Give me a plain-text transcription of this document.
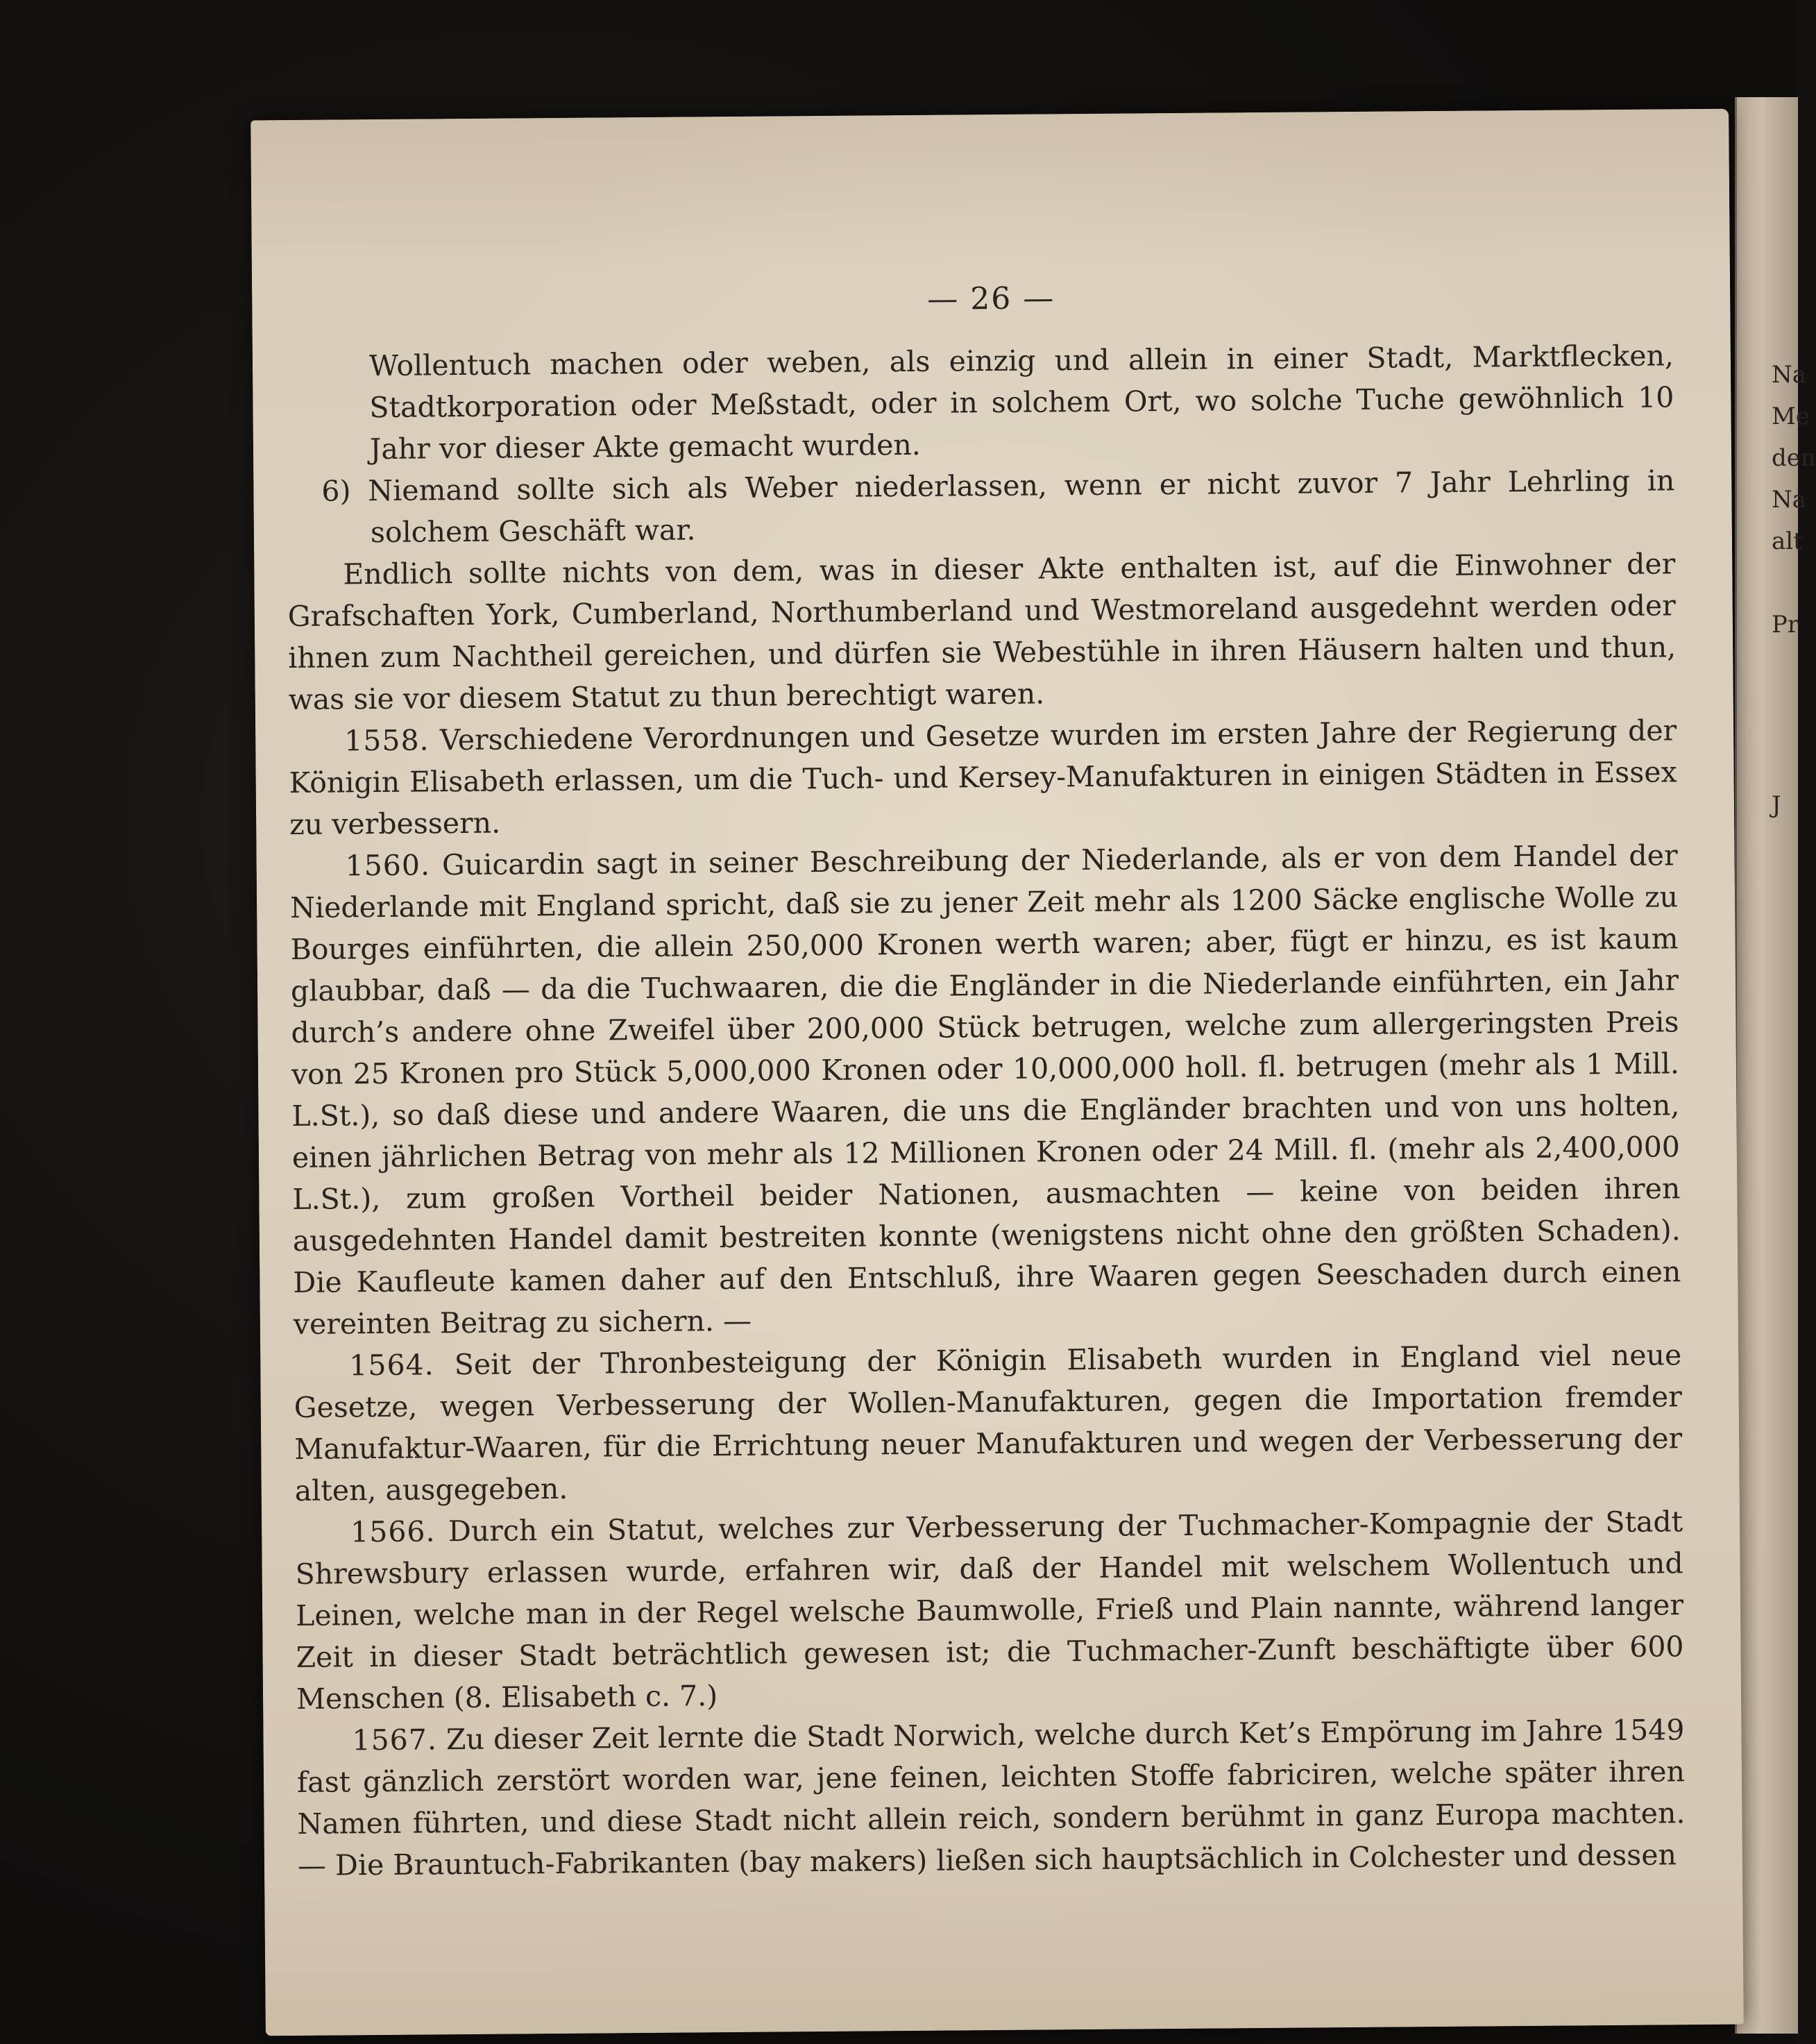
Na
Me
den
Na
alt
Pr
J
— 26 —

Wollentuch machen oder weben, als einzig und allein in einer Stadt, Marktflecken, Stadtkorporation oder Meßstadt, oder in solchem Ort, wo solche Tuche gewöhnlich 10 Jahr vor dieser Akte gemacht wurden.

6) Niemand sollte sich als Weber niederlassen, wenn er nicht zuvor 7 Jahr Lehrling in solchem Geschäft war.

Endlich sollte nichts von dem, was in dieser Akte enthalten ist, auf die Einwohner der Grafschaften York, Cumberland, Northumberland und Westmoreland ausgedehnt werden oder ihnen zum Nachtheil gereichen, und dürfen sie Webestühle in ihren Häusern halten und thun, was sie vor diesem Statut zu thun berechtigt waren.

1558. Verschiedene Verordnungen und Gesetze wurden im ersten Jahre der Regierung der Königin Elisabeth erlassen, um die Tuch- und Kersey-Manufakturen in einigen Städten in Essex zu verbessern.

1560. Guicardin sagt in seiner Beschreibung der Niederlande, als er von dem Handel der Niederlande mit England spricht, daß sie zu jener Zeit mehr als 1200 Säcke englische Wolle zu Bourges einführten, die allein 250,000 Kronen werth waren; aber, fügt er hinzu, es ist kaum glaubbar, daß — da die Tuchwaaren, die die Engländer in die Niederlande einführten, ein Jahr durch’s andere ohne Zweifel über 200,000 Stück betrugen, welche zum allergeringsten Preis von 25 Kronen pro Stück 5,000,000 Kronen oder 10,000,000 holl. fl. betrugen (mehr als 1 Mill. L.St.), so daß diese und andere Waaren, die uns die Engländer brachten und von uns holten, einen jährlichen Betrag von mehr als 12 Millionen Kronen oder 24 Mill. fl. (mehr als 2,400,000 L.St.), zum großen Vortheil beider Nationen, ausmachten — keine von beiden ihren ausgedehnten Handel damit bestreiten konnte (wenigstens nicht ohne den größten Schaden). Die Kaufleute kamen daher auf den Entschluß, ihre Waaren gegen Seeschaden durch einen vereinten Beitrag zu sichern. —

1564. Seit der Thronbesteigung der Königin Elisabeth wurden in England viel neue Gesetze, wegen Verbesserung der Wollen-Manufakturen, gegen die Importation fremder Manufaktur-Waaren, für die Errichtung neuer Manufakturen und wegen der Verbesserung der alten, ausgegeben.

1566. Durch ein Statut, welches zur Verbesserung der Tuchmacher-Kompagnie der Stadt Shrewsbury erlassen wurde, erfahren wir, daß der Handel mit welschem Wollentuch und Leinen, welche man in der Regel welsche Baumwolle, Frieß und Plain nannte, während langer Zeit in dieser Stadt beträchtlich gewesen ist; die Tuchmacher-Zunft beschäftigte über 600 Menschen (8. Elisabeth c. 7.)

1567. Zu dieser Zeit lernte die Stadt Norwich, welche durch Ket’s Empörung im Jahre 1549 fast gänzlich zerstört worden war, jene feinen, leichten Stoffe fabriciren, welche später ihren Namen führten, und diese Stadt nicht allein reich, sondern berühmt in ganz Europa machten. — Die Brauntuch-Fabrikanten (bay makers) ließen sich hauptsächlich in Colchester und dessen
